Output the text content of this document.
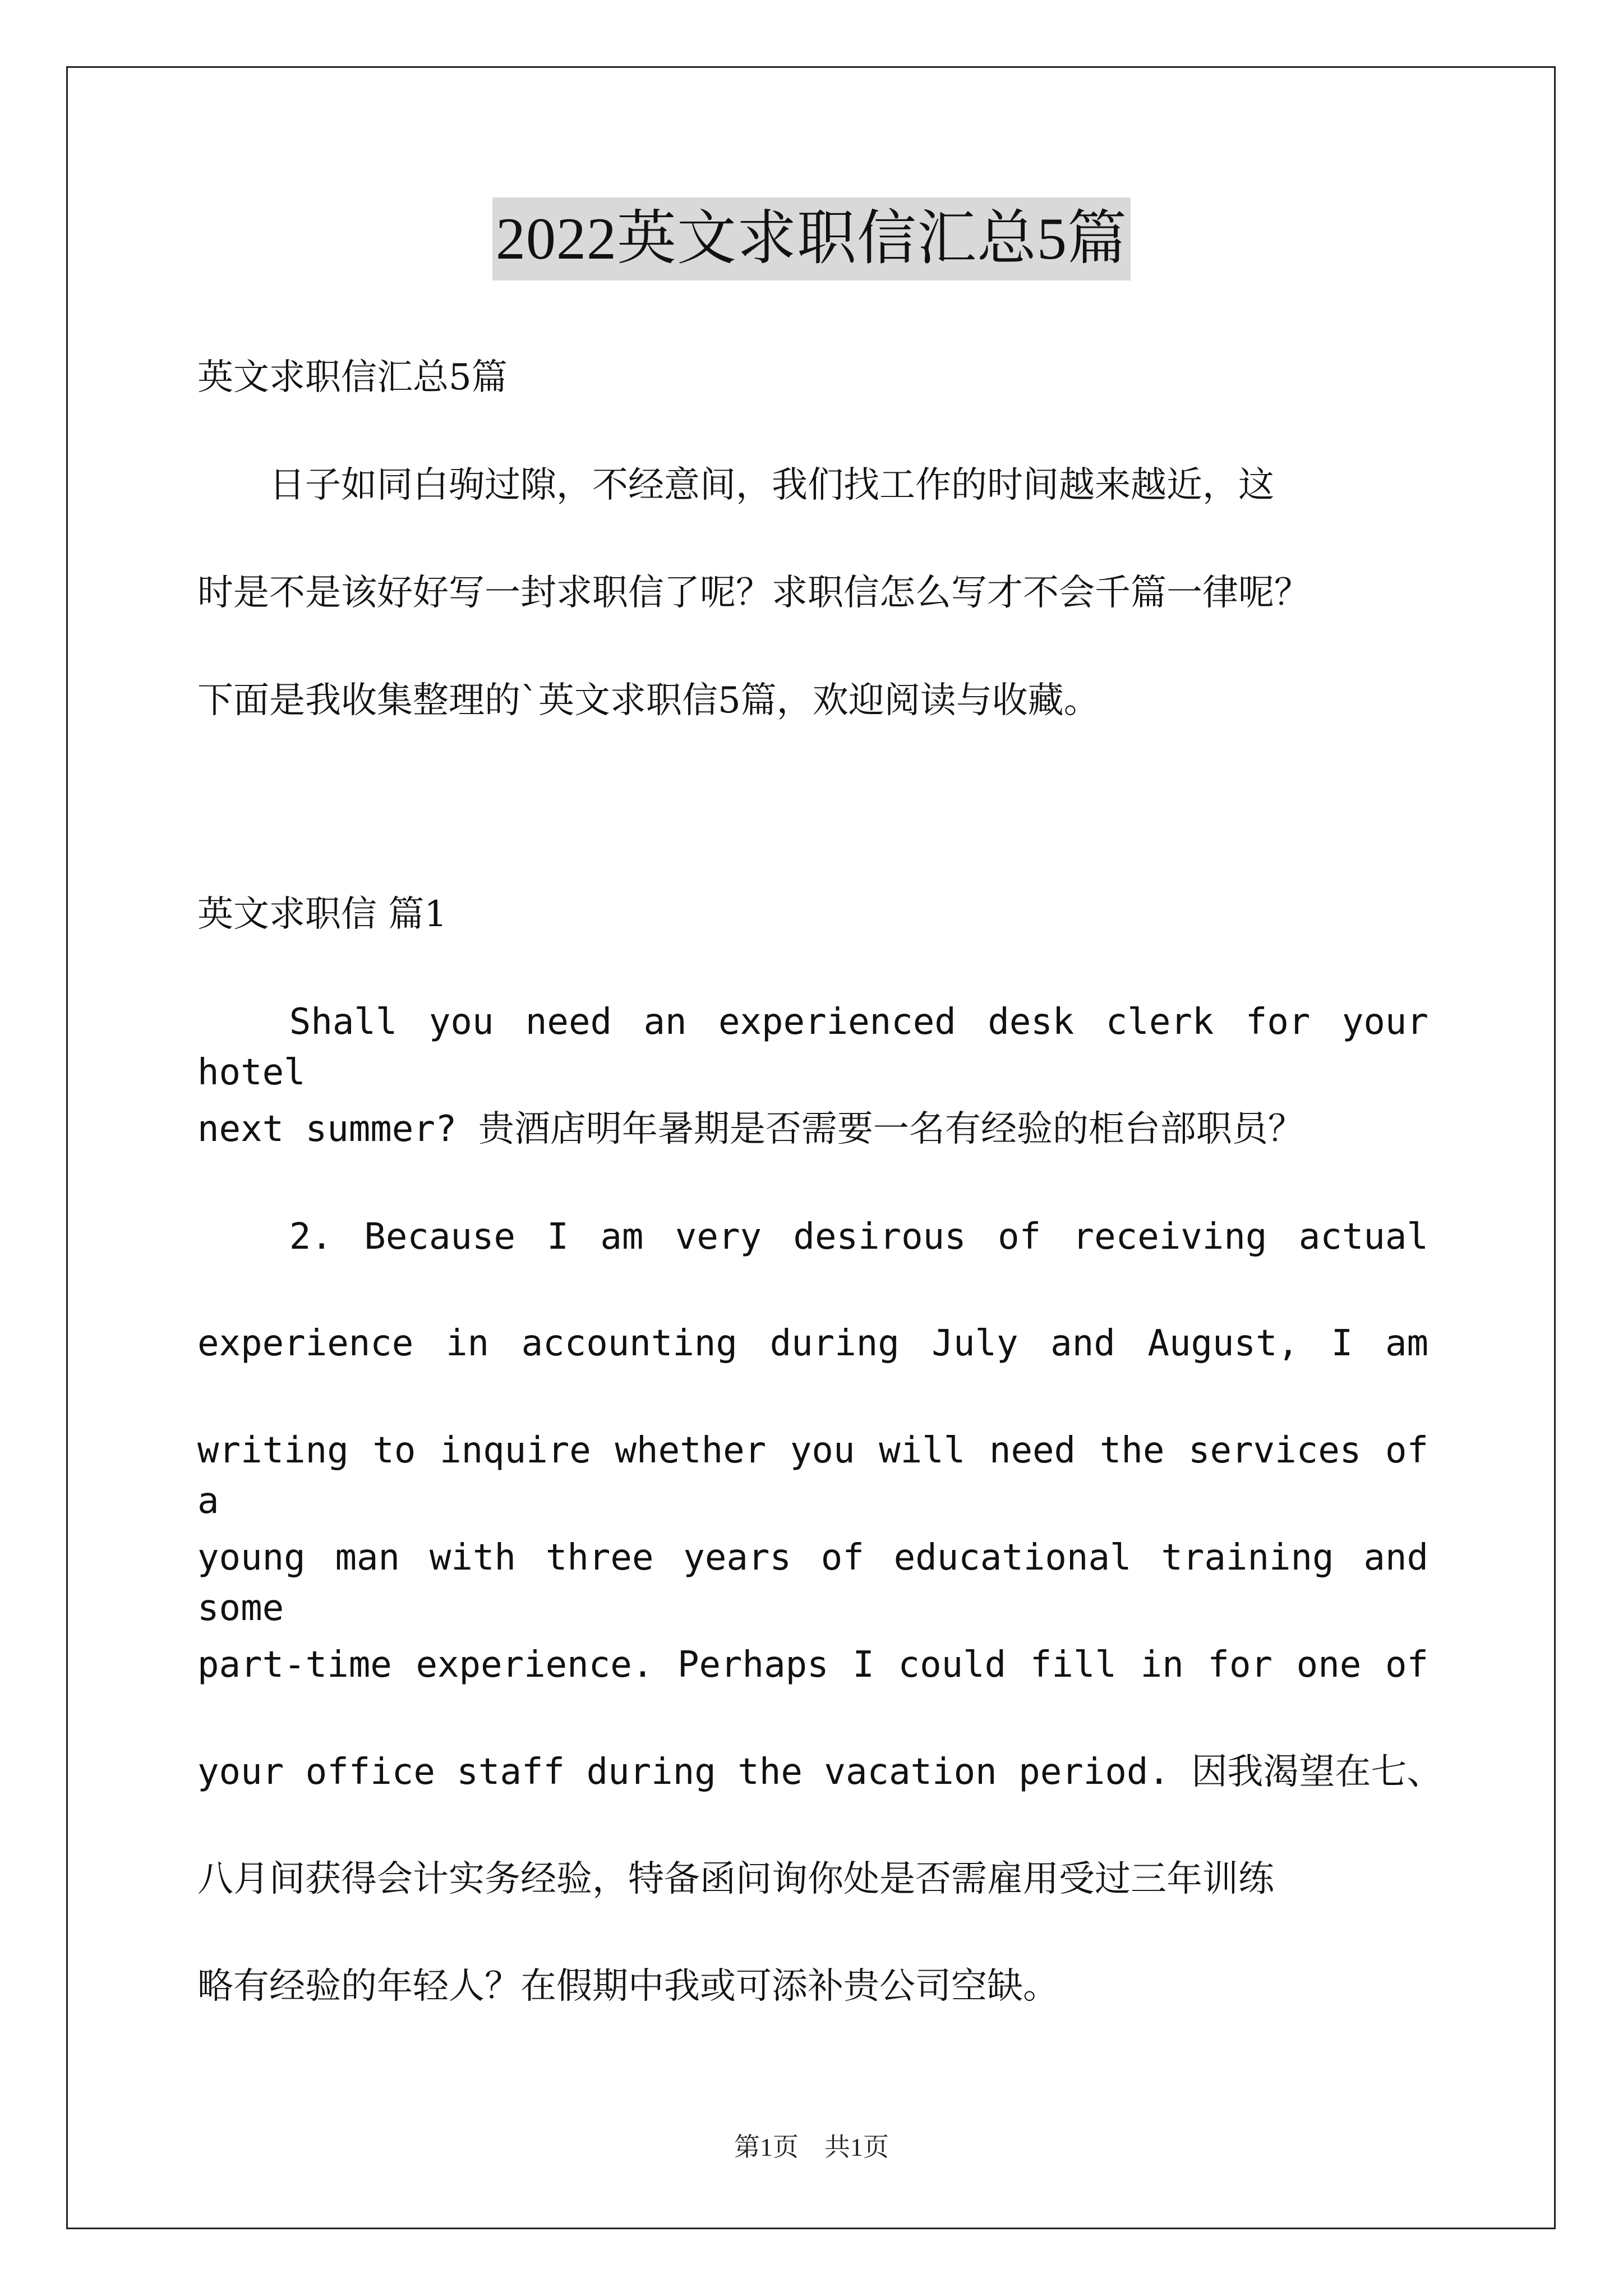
2022英文求职信汇总5篇
英文求职信汇总5篇
　　日子如同白驹过隙，不经意间，我们找工作的时间越来越近，这
时是不是该好好写一封求职信了呢？求职信怎么写才不会千篇一律呢？
下面是我收集整理的`英文求职信5篇，欢迎阅读与收藏。
英文求职信 篇1
　　Shall you need an experienced desk clerk for your hotel
next summer? 贵酒店明年暑期是否需要一名有经验的柜台部职员？
　　2. Because I am very desirous of receiving actual
experience in accounting during July and August, I am
writing to inquire whether you will need the services of a
young man with three years of educational training and some
part-time experience. Perhaps I could fill in for one of
your office staff during the vacation period. 因我渴望在七、
八月间获得会计实务经验，特备函问询你处是否需雇用受过三年训练
略有经验的年轻人？在假期中我或可添补贵公司空缺。
第1页　共1页
